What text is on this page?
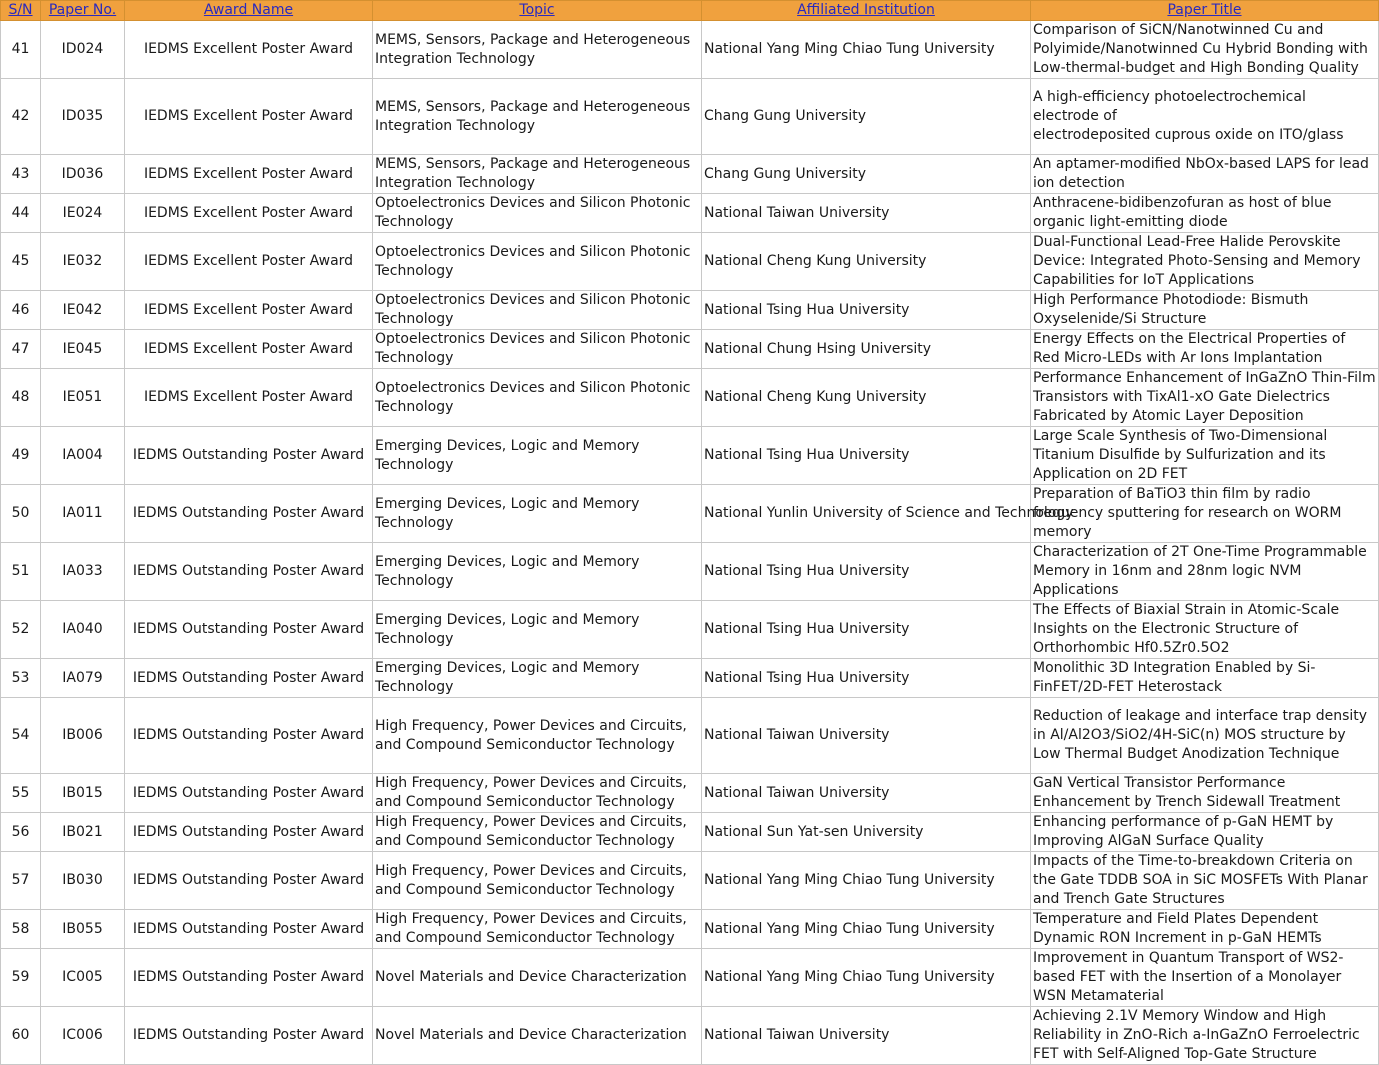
S/N	Paper No.	Award Name	Topic	Affiliated Institution	Paper Title
41	ID024	IEDMS Excellent Poster Award	MEMS, Sensors, Package and Heterogeneous Integration Technology	National Yang Ming Chiao Tung University	Comparison of SiCN/Nanotwinned Cu and Polyimide/Nanotwinned Cu Hybrid Bonding with Low-thermal-budget and High Bonding Quality
42	ID035	IEDMS Excellent Poster Award	MEMS, Sensors, Package and Heterogeneous Integration Technology	Chang Gung University	A high-efficiency photoelectrochemical electrode of
electrodeposited cuprous oxide on ITO/glass
43	ID036	IEDMS Excellent Poster Award	MEMS, Sensors, Package and Heterogeneous Integration Technology	Chang Gung University	An aptamer-modified NbOx-based LAPS for lead ion detection
44	IE024	IEDMS Excellent Poster Award	Optoelectronics Devices and Silicon Photonic Technology	National Taiwan University	Anthracene-bidibenzofuran as host of blue organic light-emitting diode
45	IE032	IEDMS Excellent Poster Award	Optoelectronics Devices and Silicon Photonic Technology	National Cheng Kung University	Dual-Functional Lead-Free Halide Perovskite Device: Integrated Photo-Sensing and Memory Capabilities for IoT Applications
46	IE042	IEDMS Excellent Poster Award	Optoelectronics Devices and Silicon Photonic Technology	National Tsing Hua University	High Performance Photodiode: Bismuth Oxyselenide/Si Structure
47	IE045	IEDMS Excellent Poster Award	Optoelectronics Devices and Silicon Photonic Technology	National Chung Hsing University	Energy Effects on the Electrical Properties of Red Micro-LEDs with Ar Ions Implantation
48	IE051	IEDMS Excellent Poster Award	Optoelectronics Devices and Silicon Photonic Technology	National Cheng Kung University	Performance Enhancement of InGaZnO Thin-Film Transistors with TixAl1-xO Gate Dielectrics Fabricated by Atomic Layer Deposition
49	IA004	IEDMS Outstanding Poster Award	Emerging Devices, Logic and Memory Technology	National Tsing Hua University	Large Scale Synthesis of Two-Dimensional Titanium Disulfide by Sulfurization and its Application on 2D FET
50	IA011	IEDMS Outstanding Poster Award	Emerging Devices, Logic and Memory Technology	National Yunlin University of Science and Technology	Preparation of BaTiO3 thin film by radio frequency sputtering for research on WORM memory
51	IA033	IEDMS Outstanding Poster Award	Emerging Devices, Logic and Memory Technology	National Tsing Hua University	Characterization of 2T One-Time Programmable Memory in 16nm and 28nm logic NVM Applications
52	IA040	IEDMS Outstanding Poster Award	Emerging Devices, Logic and Memory Technology	National Tsing Hua University	The Effects of Biaxial Strain in Atomic-Scale Insights on the Electronic Structure of Orthorhombic Hf0.5Zr0.5O2
53	IA079	IEDMS Outstanding Poster Award	Emerging Devices, Logic and Memory Technology	National Tsing Hua University	Monolithic 3D Integration Enabled by Si-FinFET/2D-FET Heterostack
54	IB006	IEDMS Outstanding Poster Award	High Frequency, Power Devices and Circuits, and Compound Semiconductor Technology	National Taiwan University	Reduction of leakage and interface trap density in Al/Al2O3/SiO2/4H-SiC(n) MOS structure by Low Thermal Budget Anodization Technique
55	IB015	IEDMS Outstanding Poster Award	High Frequency, Power Devices and Circuits, and Compound Semiconductor Technology	National Taiwan University	GaN Vertical Transistor Performance Enhancement by Trench Sidewall Treatment
56	IB021	IEDMS Outstanding Poster Award	High Frequency, Power Devices and Circuits, and Compound Semiconductor Technology	National Sun Yat-sen University	Enhancing performance of p-GaN HEMT by Improving AlGaN Surface Quality
57	IB030	IEDMS Outstanding Poster Award	High Frequency, Power Devices and Circuits, and Compound Semiconductor Technology	National Yang Ming Chiao Tung University	Impacts of the Time-to-breakdown Criteria on the Gate TDDB SOA in SiC MOSFETs With Planar and Trench Gate Structures
58	IB055	IEDMS Outstanding Poster Award	High Frequency, Power Devices and Circuits, and Compound Semiconductor Technology	National Yang Ming Chiao Tung University	Temperature and Field Plates Dependent Dynamic RON Increment in p-GaN HEMTs
59	IC005	IEDMS Outstanding Poster Award	Novel Materials and Device Characterization	National Yang Ming Chiao Tung University	Improvement in Quantum Transport of WS2-based FET with the Insertion of a Monolayer WSN Metamaterial
60	IC006	IEDMS Outstanding Poster Award	Novel Materials and Device Characterization	National Taiwan University	Achieving 2.1V Memory Window and High Reliability in ZnO-Rich a-InGaZnO Ferroelectric FET with Self-Aligned Top-Gate Structure
